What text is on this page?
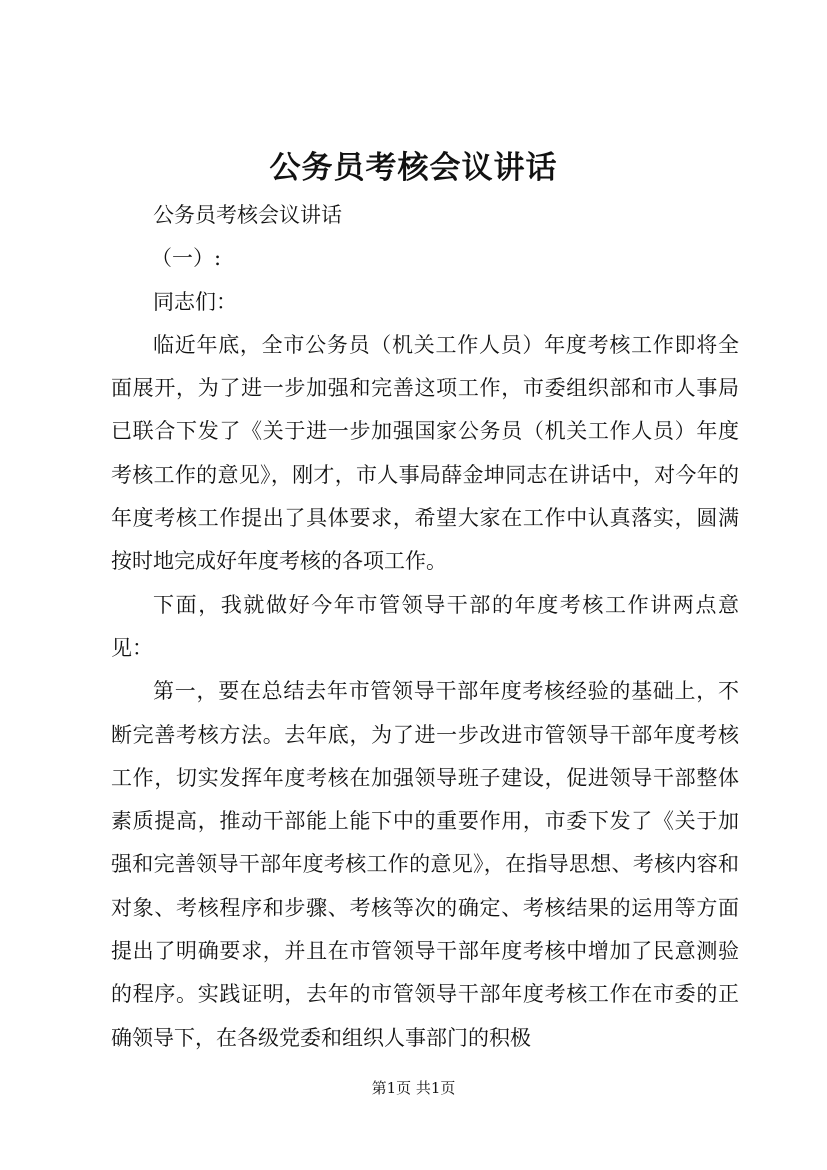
公务员考核会议讲话

公务员考核会议讲话

（一）:

同志们：

临近年底，全市公务员（机关工作人员）年度考核工作即将全面展开，为了进一步加强和完善这项工作，市委组织部和市人事局已联合下发了《关于进一步加强国家公务员（机关工作人员）年度考核工作的意见》，刚才，市人事局薛金坤同志在讲话中，对今年的年度考核工作提出了具体要求，希望大家在工作中认真落实，圆满按时地完成好年度考核的各项工作。

下面，我就做好今年市管领导干部的年度考核工作讲两点意见：

第一，要在总结去年市管领导干部年度考核经验的基础上，不断完善考核方法。去年底，为了进一步改进市管领导干部年度考核工作，切实发挥年度考核在加强领导班子建设，促进领导干部整体素质提高，推动干部能上能下中的重要作用，市委下发了《关于加强和完善领导干部年度考核工作的意见》，在指导思想、考核内容和对象、考核程序和步骤、考核等次的确定、考核结果的运用等方面提出了明确要求，并且在市管领导干部年度考核中增加了民意测验的程序。实践证明，去年的市管领导干部年度考核工作在市委的正确领导下，在各级党委和组织人事部门的积极

第1页 共1页
